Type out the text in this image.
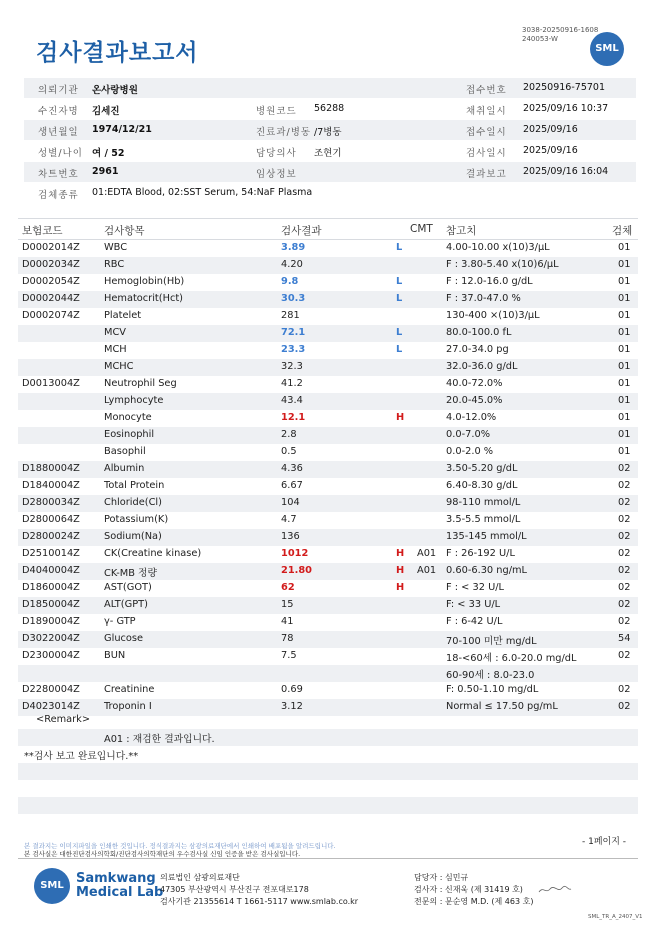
검사결과보고서
3038-20250916-1608
240053-W
SML
의뢰기관 온사랑병원	접수번호 20250916-75701
수진자명 김세진	병원코드 56288	채취일시 2025/09/16 10:37
생년월일 1974/12/21	진료과/병동 /7병동	접수일시 2025/09/16
성별/나이 여 / 52	담당의사 조현기	검사일시 2025/09/16
차트번호 2961	임상정보	결과보고 2025/09/16 16:04
검체종류 01:EDTA Blood, 02:SST Serum, 54:NaF Plasma
보험코드	검사항목	검사결과	CMT 참고치	검체
D0002014Z WBC	3.89	L	4.00-10.00 x(10)3/μL	01
D0002034Z RBC	4.20	F : 3.80-5.40 x(10)6/μL	01
D0002054Z Hemoglobin(Hb)	9.8	L	F : 12.0-16.0 g/dL	01
D0002044Z Hematocrit(Hct)	30.3	L	F : 37.0-47.0 %	01
D0002074Z Platelet	281	130-400 ×(10)3/μL	01
MCV	72.1	L	80.0-100.0 fL	01
MCH	23.3	L	27.0-34.0 pg	01
MCHC	32.3	32.0-36.0 g/dL	01
D0013004Z Neutrophil Seg	41.2	40.0-72.0%	01
Lymphocyte	43.4	20.0-45.0%	01
Monocyte	12.1	H	4.0-12.0%	01
Eosinophil	2.8	0.0-7.0%	01
Basophil	0.5	0.0-2.0 %	01
D1880004Z Albumin	4.36	3.50-5.20 g/dL	02
D1840004Z Total Protein	6.67	6.40-8.30 g/dL	02
D2800034Z Chloride(Cl)	104	98-110 mmol/L	02
D2800064Z Potassium(K)	4.7	3.5-5.5 mmol/L	02
D2800024Z Sodium(Na)	136	135-145 mmol/L	02
D2510014Z CK(Creatine kinase)	1012	H A01 F : 26-192 U/L	02
D4040004Z CK-MB 정량	21.80	H A01 0.60-6.30 ng/mL	02
D1860004Z AST(GOT)	62	H	F : < 32 U/L	02
D1850004Z ALT(GPT)	15	F: < 33 U/L	02
D1890004Z γ- GTP	41	F : 6-42 U/L	02
D3022004Z Glucose	78	70-100 미만 mg/dL	54
D2300004Z BUN	7.5	18-<60세 : 6.0-20.0 mg/dL	02
60-90세 : 8.0-23.0
D2280004Z Creatinine	0.69	F: 0.50-1.10 mg/dL	02
D4023014Z Troponin I	3.12	Normal ≤ 17.50 pg/mL	02
<Remark>
A01 : 재검한 결과입니다.
**검사 보고 완료입니다.**
본 결과지는 이미지파일을 인쇄한 것입니다. 정식결과지는 삼광의료재단에서 인쇄하여 배포됨을 알려드립니다.
본 검사실은 대한진단검사의학회/진단검사의학재단의 우수검사실 신임 인증을 받은 검사실입니다.
- 1페이지 -
SML Samkwang
Medical Lab
의료법인 삼광의료재단
47305 부산광역시 부산진구 전포대로178
검사기관 21355614 T 1661-5117 www.smlab.co.kr
담당자 : 심민규
검사자 : 신재욱 (제 31419 호)
전문의 : 문순영 M.D. (제 463 호)
SML_TR_A_2407_V1
